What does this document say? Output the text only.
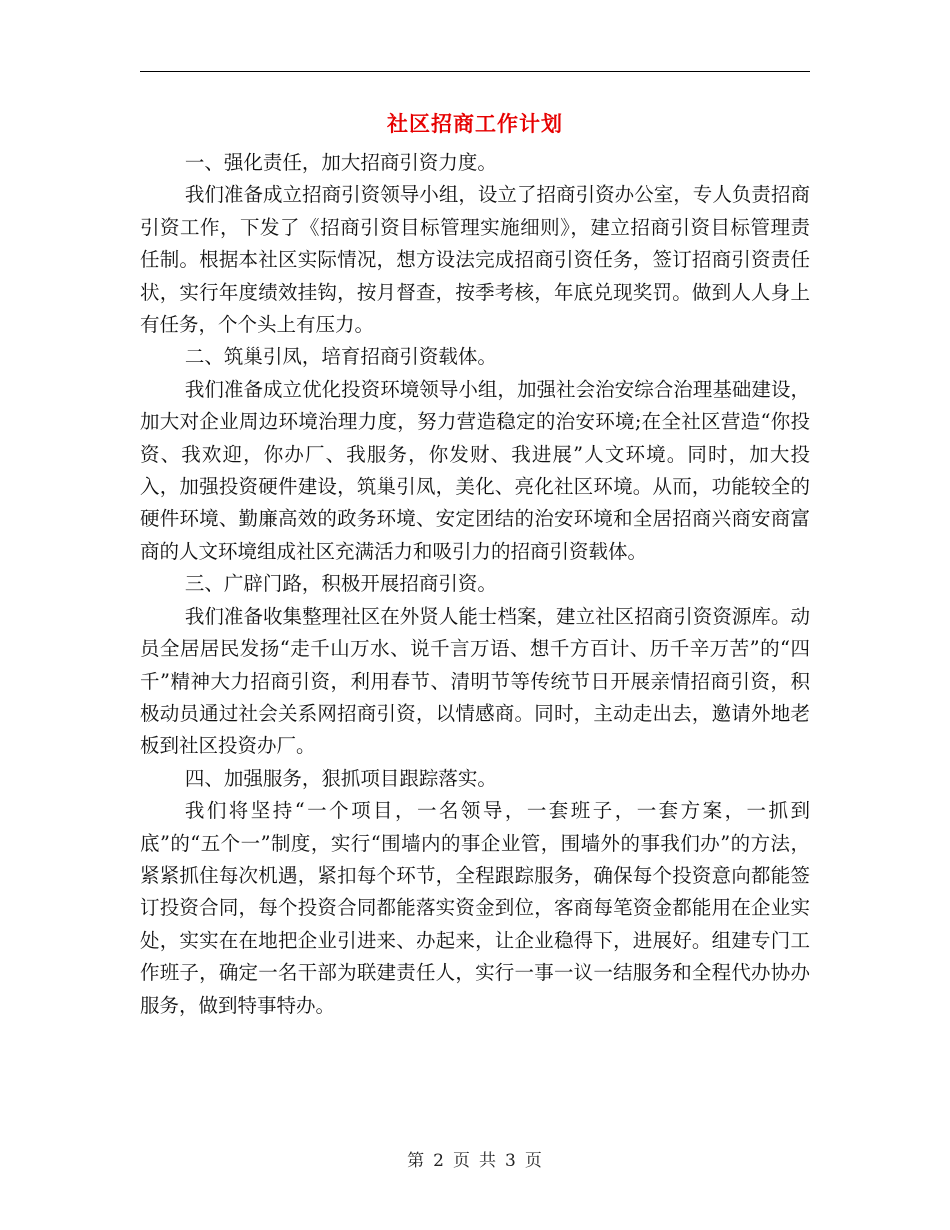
社区招商工作计划

一、强化责任，加大招商引资力度。

我们准备成立招商引资领导小组，设立了招商引资办公室，专人负责招商引资工作，下发了《招商引资目标管理实施细则》，建立招商引资目标管理责任制。根据本社区实际情况，想方设法完成招商引资任务，签订招商引资责任状，实行年度绩效挂钩，按月督查，按季考核，年底兑现奖罚。做到人人身上有任务，个个头上有压力。

二、筑巢引凤，培育招商引资载体。

我们准备成立优化投资环境领导小组，加强社会治安综合治理基础建设，加大对企业周边环境治理力度，努力营造稳定的治安环境;在全社区营造“你投资、我欢迎，你办厂、我服务，你发财、我进展”人文环境。同时，加大投入，加强投资硬件建设，筑巢引凤，美化、亮化社区环境。从而，功能较全的硬件环境、勤廉高效的政务环境、安定团结的治安环境和全居招商兴商安商富商的人文环境组成社区充满活力和吸引力的招商引资载体。

三、广辟门路，积极开展招商引资。

我们准备收集整理社区在外贤人能士档案，建立社区招商引资资源库。动员全居居民发扬“走千山万水、说千言万语、想千方百计、历千辛万苦”的“四千”精神大力招商引资，利用春节、清明节等传统节日开展亲情招商引资，积极动员通过社会关系网招商引资，以情感商。同时，主动走出去，邀请外地老板到社区投资办厂。

四、加强服务，狠抓项目跟踪落实。

我们将坚持“一个项目，一名领导，一套班子，一套方案，一抓到底”的“五个一”制度，实行“围墙内的事企业管，围墙外的事我们办”的方法，紧紧抓住每次机遇，紧扣每个环节，全程跟踪服务，确保每个投资意向都能签订投资合同，每个投资合同都能落实资金到位，客商每笔资金都能用在企业实处，实实在在地把企业引进来、办起来，让企业稳得下，进展好。组建专门工作班子，确定一名干部为联建责任人，实行一事一议一结服务和全程代办协办服务，做到特事特办。

第 2 页 共 3 页
